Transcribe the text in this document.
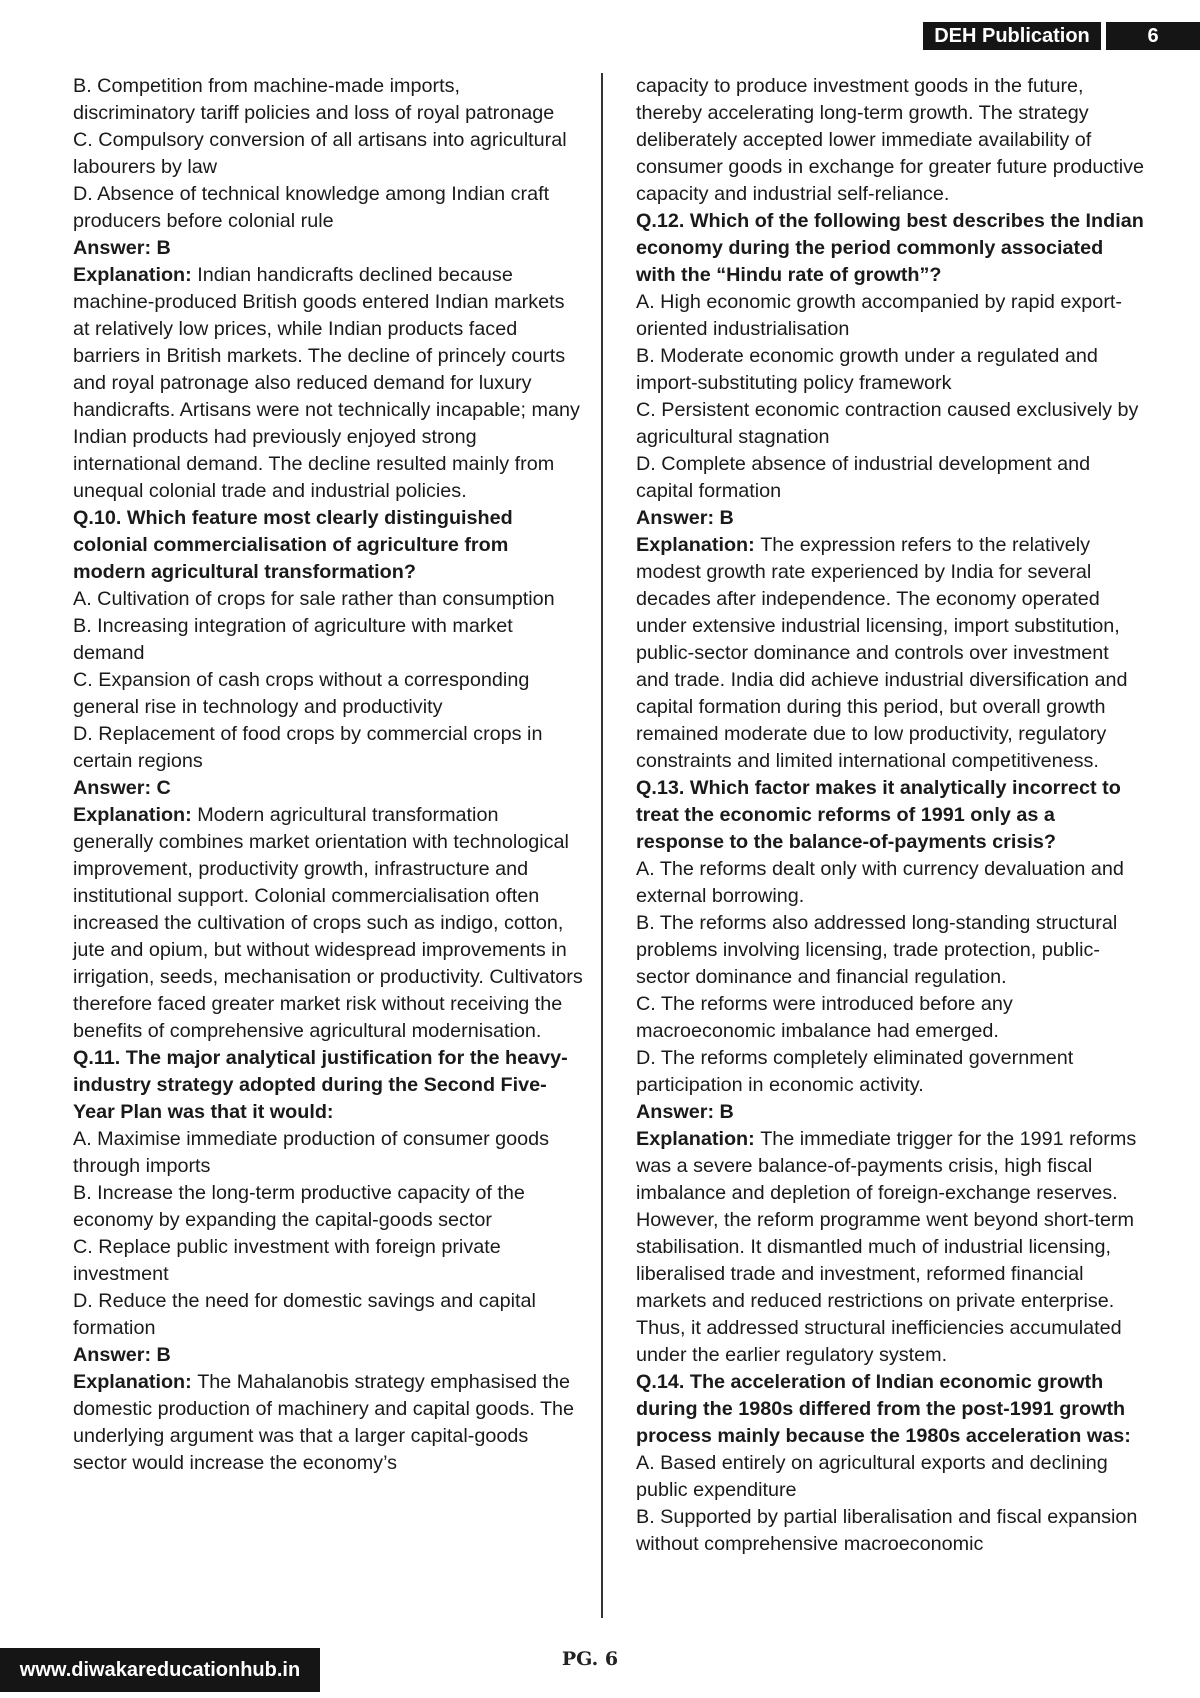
DEH Publication	6

B. Competition from machine-made imports, discriminatory tariff policies and loss of royal patronage

C. Compulsory conversion of all artisans into agricultural labourers by law

D. Absence of technical knowledge among Indian craft producers before colonial rule

Answer: B

Explanation: Indian handicrafts declined because machine-produced British goods entered Indian markets at relatively low prices, while Indian products faced barriers in British markets. The decline of princely courts and royal patronage also reduced demand for luxury handicrafts. Artisans were not technically incapable; many Indian products had previously enjoyed strong international demand. The decline resulted mainly from unequal colonial trade and industrial policies.

Q.10. Which feature most clearly distinguished colonial commercialisation of agriculture from modern agricultural transformation?

A. Cultivation of crops for sale rather than consumption

B. Increasing integration of agriculture with market demand

C. Expansion of cash crops without a corresponding general rise in technology and productivity

D. Replacement of food crops by commercial crops in certain regions

Answer: C

Explanation: Modern agricultural transformation generally combines market orientation with technological improvement, productivity growth, infrastructure and institutional support. Colonial commercialisation often increased the cultivation of crops such as indigo, cotton, jute and opium, but without widespread improvements in irrigation, seeds, mechanisation or productivity. Cultivators therefore faced greater market risk without receiving the benefits of comprehensive agricultural modernisation.

Q.11. The major analytical justification for the heavy-industry strategy adopted during the Second Five-Year Plan was that it would:

A. Maximise immediate production of consumer goods through imports

B. Increase the long-term productive capacity of the economy by expanding the capital-goods sector

C. Replace public investment with foreign private investment

D. Reduce the need for domestic savings and capital formation

Answer: B

Explanation: The Mahalanobis strategy emphasised the domestic production of machinery and capital goods. The underlying argument was that a larger capital-goods sector would increase the economy’s

capacity to produce investment goods in the future, thereby accelerating long-term growth. The strategy deliberately accepted lower immediate availability of consumer goods in exchange for greater future productive capacity and industrial self-reliance.

Q.12. Which of the following best describes the Indian economy during the period commonly associated with the “Hindu rate of growth”?

A. High economic growth accompanied by rapid export-oriented industrialisation

B. Moderate economic growth under a regulated and import-substituting policy framework

C. Persistent economic contraction caused exclusively by agricultural stagnation

D. Complete absence of industrial development and capital formation

Answer: B

Explanation: The expression refers to the relatively modest growth rate experienced by India for several decades after independence. The economy operated under extensive industrial licensing, import substitution, public-sector dominance and controls over investment and trade. India did achieve industrial diversification and capital formation during this period, but overall growth remained moderate due to low productivity, regulatory constraints and limited international competitiveness.

Q.13. Which factor makes it analytically incorrect to treat the economic reforms of 1991 only as a response to the balance-of-payments crisis?

A. The reforms dealt only with currency devaluation and external borrowing.

B. The reforms also addressed long-standing structural problems involving licensing, trade protection, public-sector dominance and financial regulation.

C. The reforms were introduced before any macroeconomic imbalance had emerged.

D. The reforms completely eliminated government participation in economic activity.

Answer: B

Explanation: The immediate trigger for the 1991 reforms was a severe balance-of-payments crisis, high fiscal imbalance and depletion of foreign-exchange reserves. However, the reform programme went beyond short-term stabilisation. It dismantled much of industrial licensing, liberalised trade and investment, reformed financial markets and reduced restrictions on private enterprise. Thus, it addressed structural inefficiencies accumulated under the earlier regulatory system.

Q.14. The acceleration of Indian economic growth during the 1980s differed from the post-1991 growth process mainly because the 1980s acceleration was:

A. Based entirely on agricultural exports and declining public expenditure

B. Supported by partial liberalisation and fiscal expansion without comprehensive macroeconomic

www.diwakareducationhub.in	PG. 6
